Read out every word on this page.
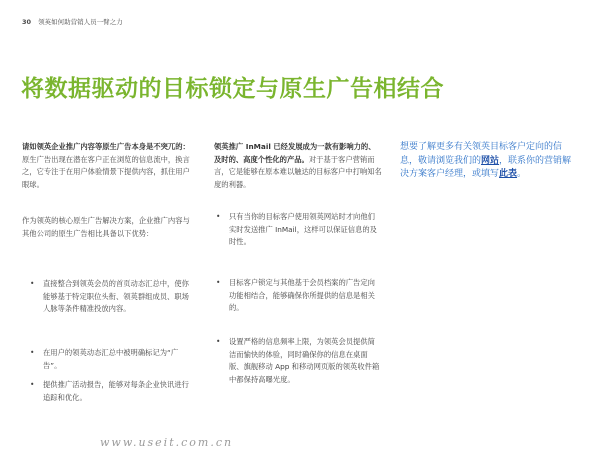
30 领英如何助营销人员一臂之力
将数据驱动的目标锁定与原生广告相结合

请如领英企业推广内容等原生广告本身是不突兀的：原生广告出现在潜在客户正在浏览的信息流中，换言之，它专注于在用户体验情景下提供内容，抓住用户眼球。

作为领英的核心原生广告解决方案，企业推广内容与其他公司的原生广告相比具备以下优势：

• 直接整合到领英会员的首页动态汇总中，使你能够基于特定职位头衔、领英群组成员、职场人脉等条件精准投放内容。
• 在用户的领英动态汇总中被明确标记为“广告”。
• 提供推广活动报告，能够对每条企业快讯进行追踪和优化。

领英推广 InMail 已经发展成为一款有影响力的、及时的、高度个性化的产品。对于基于客户营销而言，它是能够在原本难以触达的目标客户中打响知名度的利器。

• 只有当你的目标客户使用领英网站时才向他们实时发送推广 InMail，这样可以保证信息的及时性。
• 目标客户锁定与其他基于会员档案的广告定向功能相结合，能够确保你所提供的信息是相关的。
• 设置严格的信息频率上限，为领英会员提供简洁而愉快的体验，同时确保你的信息在桌面版、旗舰移动 App 和移动网页版的领英收件箱中都保持高曝光度。

想要了解更多有关领英目标客户定向的信息，敬请浏览我们的网站，联系你的营销解决方案客户经理，或填写此表。

www.useit.com.cn
